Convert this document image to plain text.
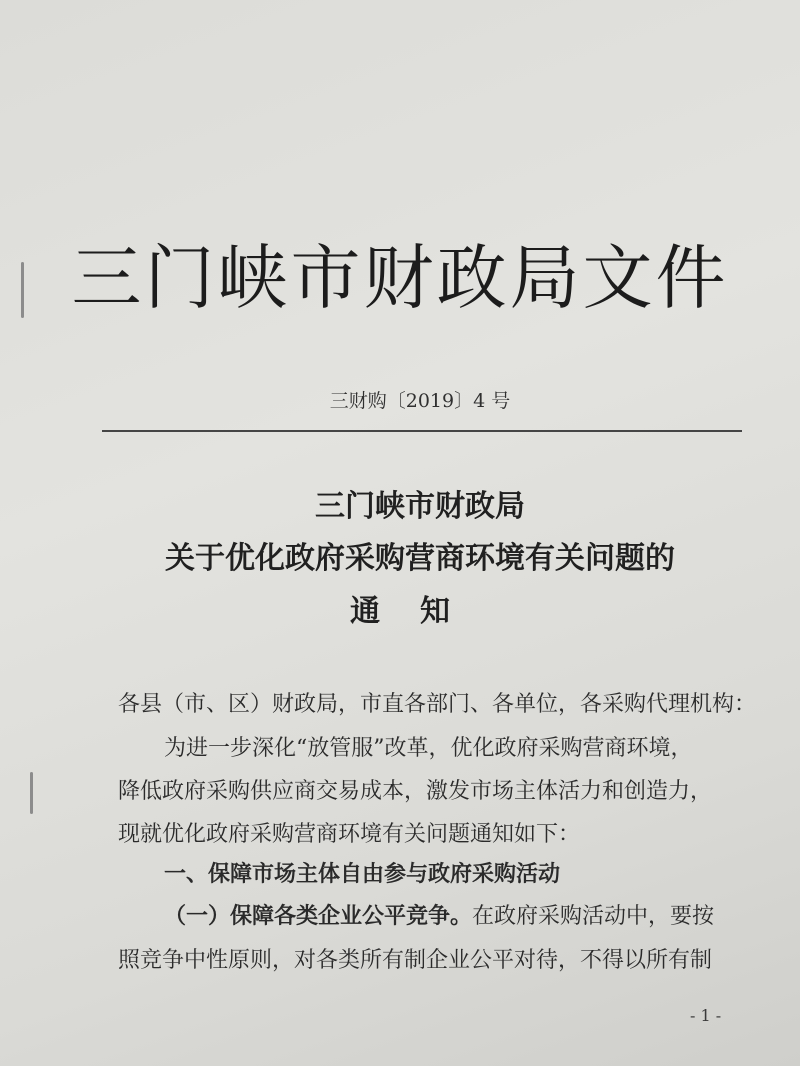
三门峡市财政局文件
三财购〔2019〕4 号
三门峡市财政局
关于优化政府采购营商环境有关问题的
通知
各县（市、区）财政局，市直各部门、各单位，各采购代理机构：
为进一步深化“放管服”改革，优化政府采购营商环境，
降低政府采购供应商交易成本，激发市场主体活力和创造力，
现就优化政府采购营商环境有关问题通知如下：
一、保障市场主体自由参与政府采购活动
（一）保障各类企业公平竞争。在政府采购活动中，要按
照竞争中性原则，对各类所有制企业公平对待，不得以所有制
- 1 -
